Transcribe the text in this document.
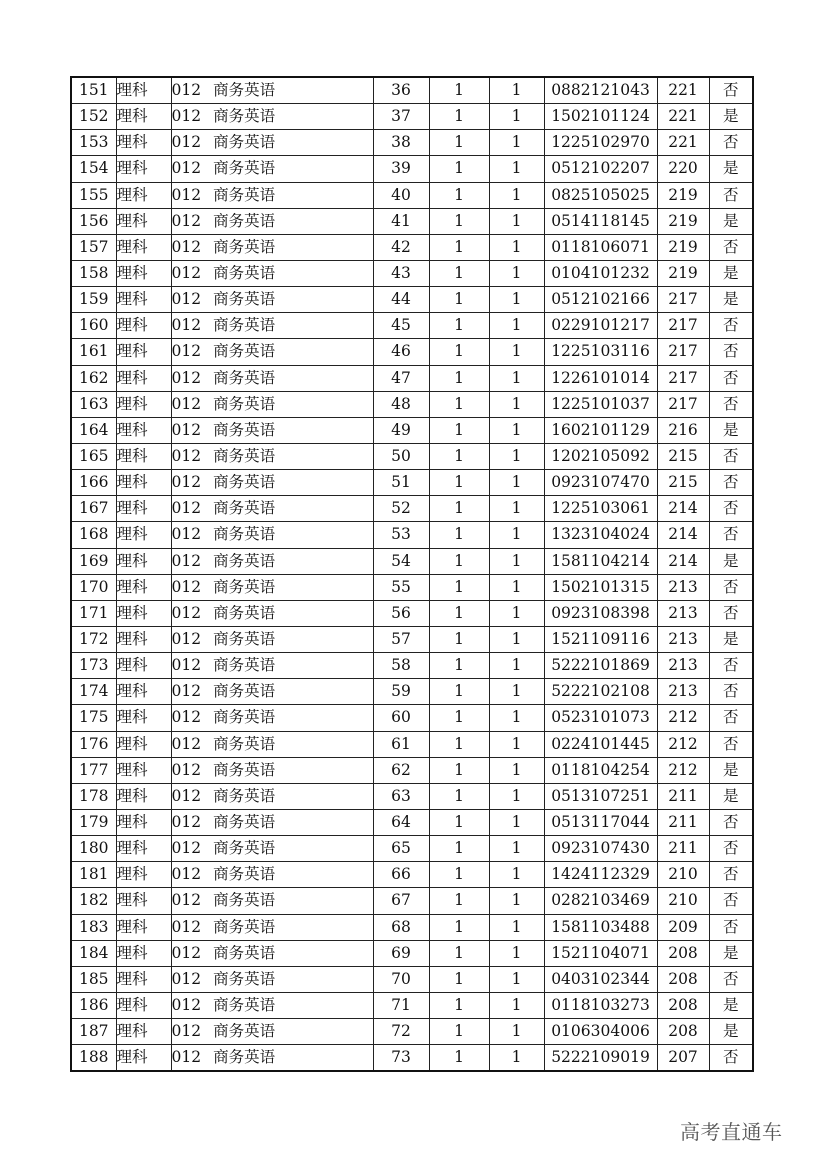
151	理科	012 商务英语	36	1	1	0882121043	221	否
152	理科	012 商务英语	37	1	1	1502101124	221	是
153	理科	012 商务英语	38	1	1	1225102970	221	否
154	理科	012 商务英语	39	1	1	0512102207	220	是
155	理科	012 商务英语	40	1	1	0825105025	219	否
156	理科	012 商务英语	41	1	1	0514118145	219	是
157	理科	012 商务英语	42	1	1	0118106071	219	否
158	理科	012 商务英语	43	1	1	0104101232	219	是
159	理科	012 商务英语	44	1	1	0512102166	217	是
160	理科	012 商务英语	45	1	1	0229101217	217	否
161	理科	012 商务英语	46	1	1	1225103116	217	否
162	理科	012 商务英语	47	1	1	1226101014	217	否
163	理科	012 商务英语	48	1	1	1225101037	217	否
164	理科	012 商务英语	49	1	1	1602101129	216	是
165	理科	012 商务英语	50	1	1	1202105092	215	否
166	理科	012 商务英语	51	1	1	0923107470	215	否
167	理科	012 商务英语	52	1	1	1225103061	214	否
168	理科	012 商务英语	53	1	1	1323104024	214	否
169	理科	012 商务英语	54	1	1	1581104214	214	是
170	理科	012 商务英语	55	1	1	1502101315	213	否
171	理科	012 商务英语	56	1	1	0923108398	213	否
172	理科	012 商务英语	57	1	1	1521109116	213	是
173	理科	012 商务英语	58	1	1	5222101869	213	否
174	理科	012 商务英语	59	1	1	5222102108	213	否
175	理科	012 商务英语	60	1	1	0523101073	212	否
176	理科	012 商务英语	61	1	1	0224101445	212	否
177	理科	012 商务英语	62	1	1	0118104254	212	是
178	理科	012 商务英语	63	1	1	0513107251	211	是
179	理科	012 商务英语	64	1	1	0513117044	211	否
180	理科	012 商务英语	65	1	1	0923107430	211	否
181	理科	012 商务英语	66	1	1	1424112329	210	否
182	理科	012 商务英语	67	1	1	0282103469	210	否
183	理科	012 商务英语	68	1	1	1581103488	209	否
184	理科	012 商务英语	69	1	1	1521104071	208	是
185	理科	012 商务英语	70	1	1	0403102344	208	否
186	理科	012 商务英语	71	1	1	0118103273	208	是
187	理科	012 商务英语	72	1	1	0106304006	208	是
188	理科	012 商务英语	73	1	1	5222109019	207	否
高考直通车
